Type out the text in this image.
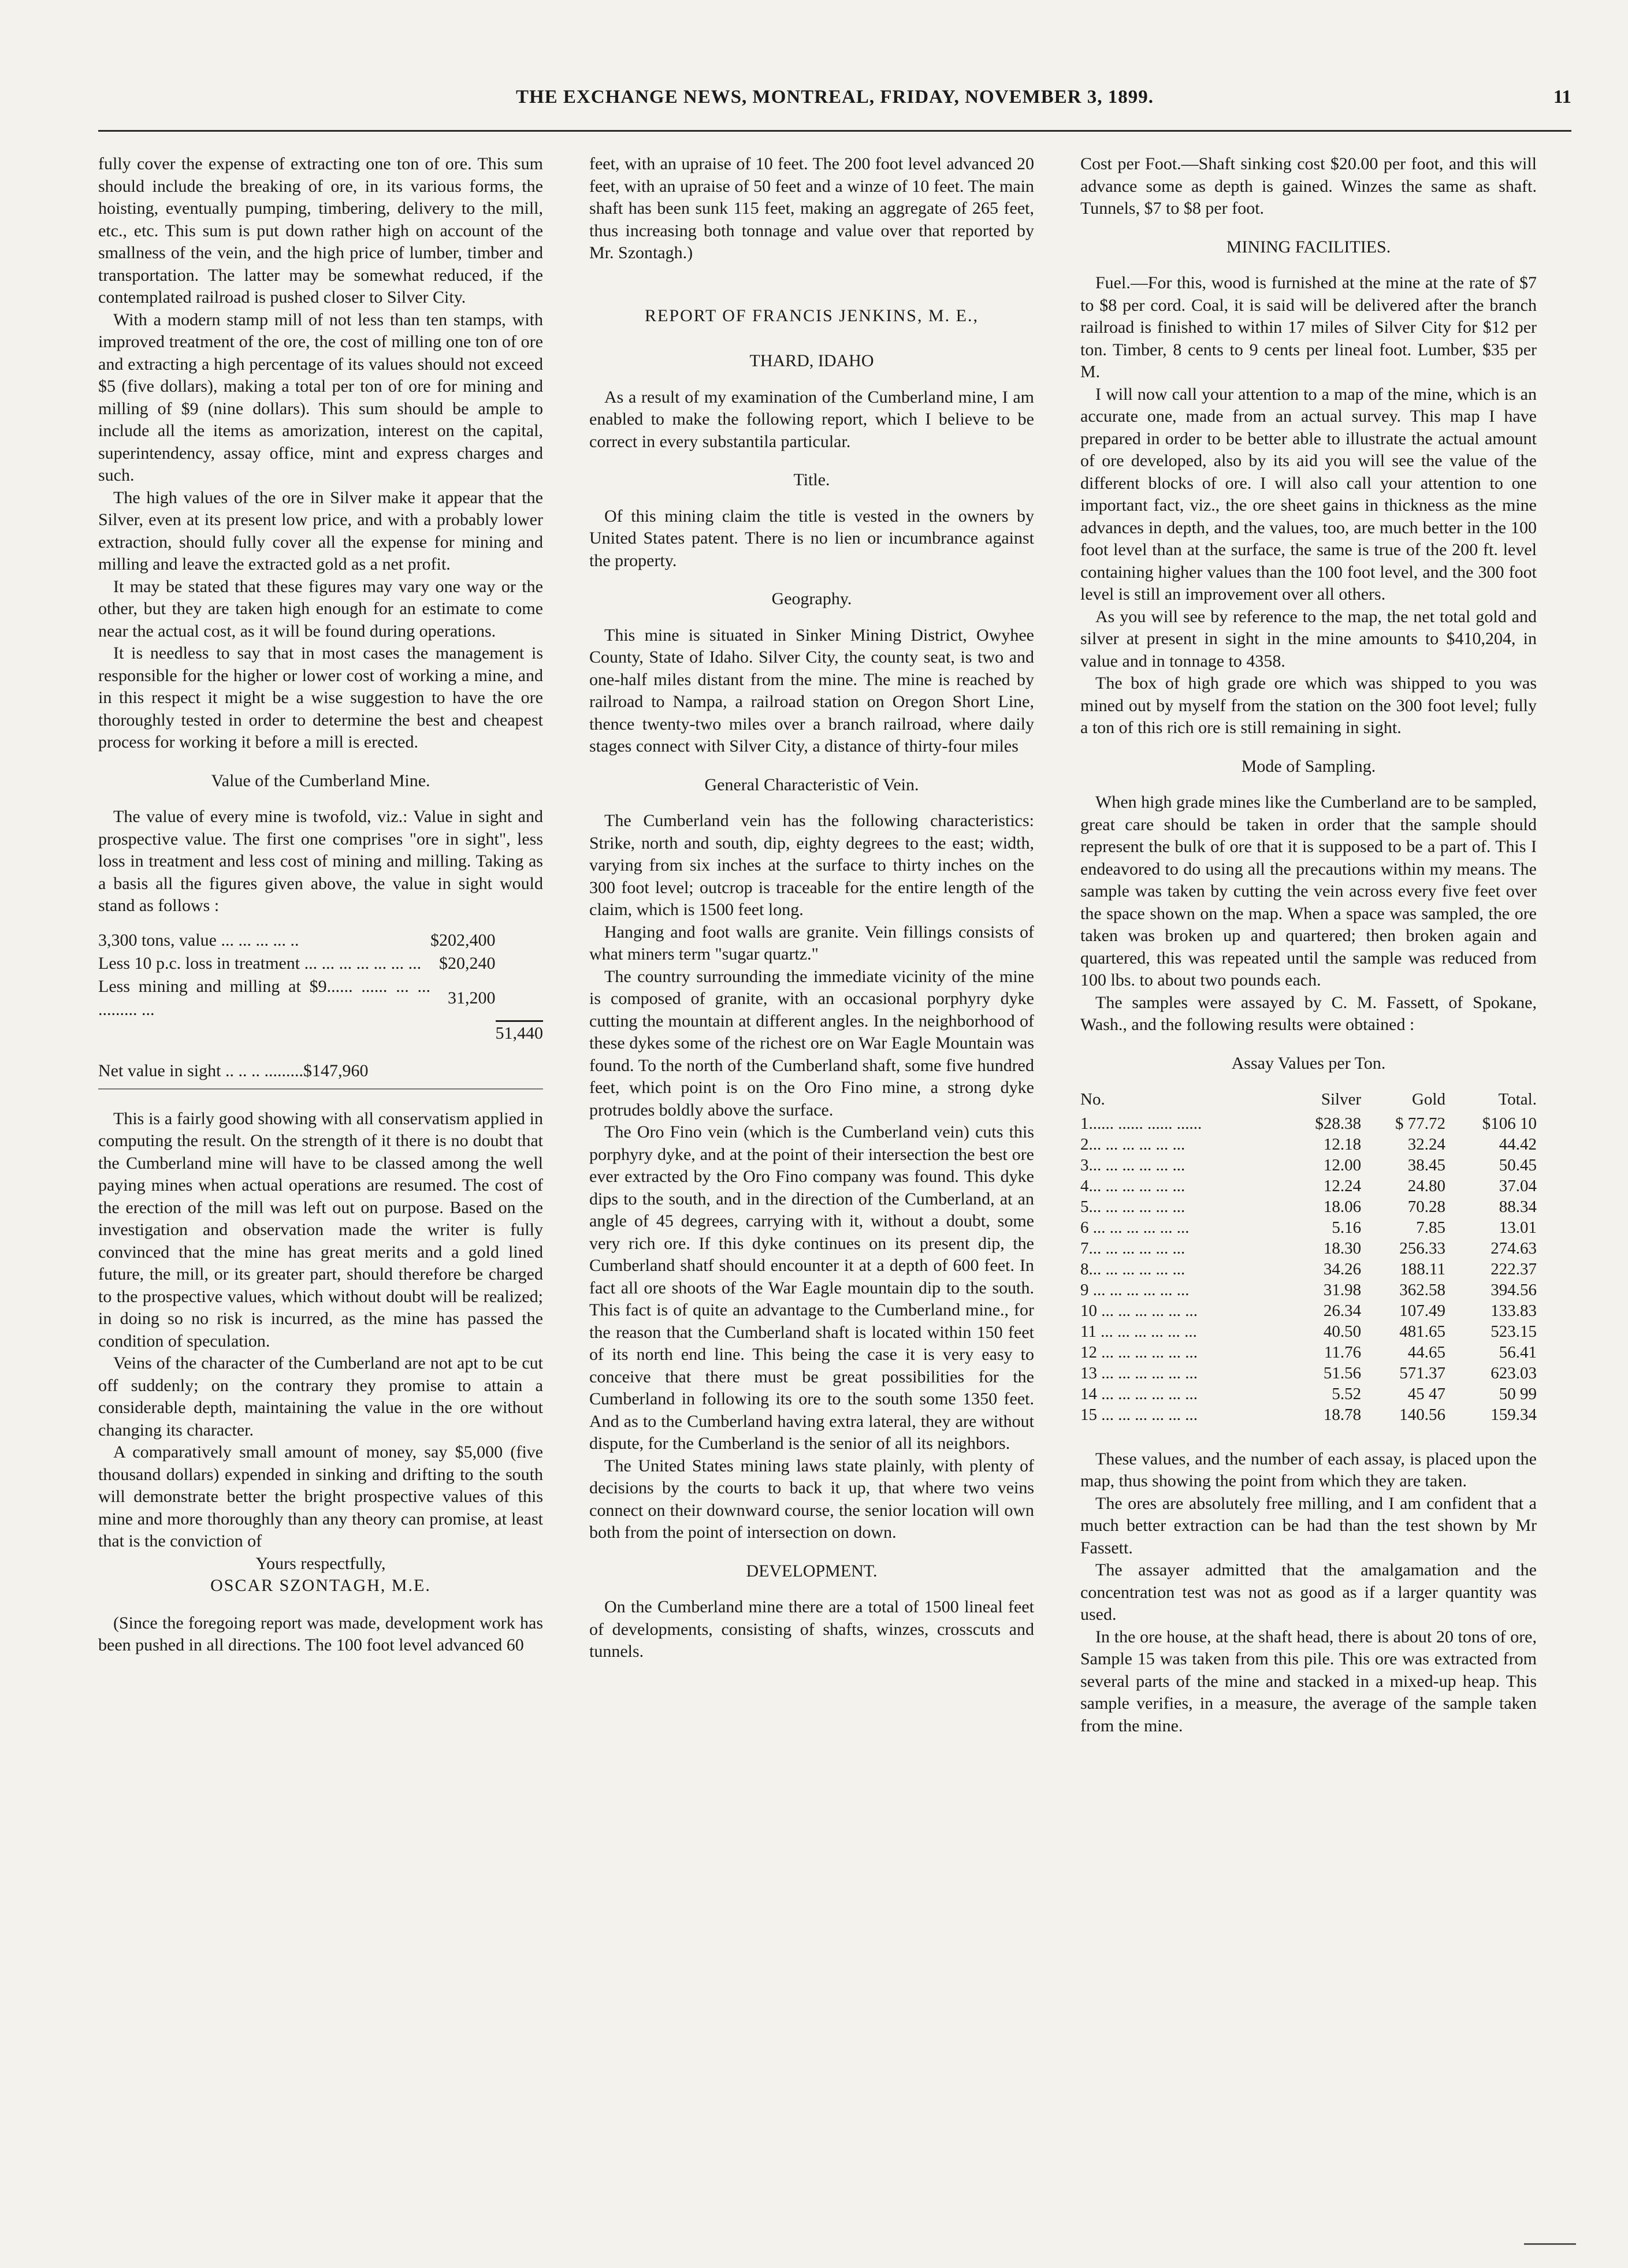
THE EXCHANGE NEWS, MONTREAL, FRIDAY, NOVEMBER 3, 1899.	11

fully cover the expense of extracting one ton of ore. This sum should include the breaking of ore, in its various forms, the hoisting, eventually pumping, timbering, delivery to the mill, etc., etc. This sum is put down rather high on account of the smallness of the vein, and the high price of lumber, timber and transportation. The latter may be somewhat reduced, if the contemplated railroad is pushed closer to Silver City.

With a modern stamp mill of not less than ten stamps, with improved treatment of the ore, the cost of milling one ton of ore and extracting a high percentage of its values should not exceed $5 (five dollars), making a total per ton of ore for mining and milling of $9 (nine dollars). This sum should be ample to include all the items as amorization, interest on the capital, superintendency, assay office, mint and express charges and such.

The high values of the ore in Silver make it appear that the Silver, even at its present low price, and with a probably lower extraction, should fully cover all the expense for mining and milling and leave the extracted gold as a net profit.

It may be stated that these figures may vary one way or the other, but they are taken high enough for an estimate to come near the actual cost, as it will be found during operations.

It is needless to say that in most cases the management is responsible for the higher or lower cost of working a mine, and in this respect it might be a wise suggestion to have the ore thoroughly tested in order to determine the best and cheapest process for working it before a mill is erected.

Value of the Cumberland Mine.

The value of every mine is twofold, viz.: Value in sight and prospective value. The first one comprises "ore in sight", less loss in treatment and less cost of mining and milling. Taking as a basis all the figures given above, the value in sight would stand as follows :

3,300 tons, value ... ... ... ... ..	$202,400	
Less 10 p.c. loss in treatment ... ... ... ... ... ... ...	$20,240	
Less mining and milling at $9...... ...... ... ... ......... ...	31,200	
		51,440

Net value in sight .. .. .. .........$147,960

This is a fairly good showing with all conservatism applied in computing the result. On the strength of it there is no doubt that the Cumberland mine will have to be classed among the well paying mines when actual operations are resumed. The cost of the erection of the mill was left out on purpose. Based on the investigation and observation made the writer is fully convinced that the mine has great merits and a gold lined future, the mill, or its greater part, should therefore be charged to the prospective values, which without doubt will be realized; in doing so no risk is incurred, as the mine has passed the condition of speculation.

Veins of the character of the Cumberland are not apt to be cut off suddenly; on the contrary they promise to attain a considerable depth, maintaining the value in the ore without changing its character.

A comparatively small amount of money, say $5,000 (five thousand dollars) expended in sinking and drifting to the south will demonstrate better the bright prospective values of this mine and more thoroughly than any theory can promise, at least that is the conviction of

Yours respectfully,

OSCAR SZONTAGH, M.E.

(Since the foregoing report was made, development work has been pushed in all directions. The 100 foot level advanced 60

feet, with an upraise of 10 feet. The 200 foot level advanced 20 feet, with an upraise of 50 feet and a winze of 10 feet. The main shaft has been sunk 115 feet, making an aggregate of 265 feet, thus increasing both tonnage and value over that reported by Mr. Szontagh.)

REPORT OF FRANCIS JENKINS, M. E.,

THARD, IDAHO

As a result of my examination of the Cumberland mine, I am enabled to make the following report, which I believe to be correct in every substantila particular.

Title.

Of this mining claim the title is vested in the owners by United States patent. There is no lien or incumbrance against the property.

Geography.

This mine is situated in Sinker Mining District, Owyhee County, State of Idaho. Silver City, the county seat, is two and one-half miles distant from the mine. The mine is reached by railroad to Nampa, a railroad station on Oregon Short Line, thence twenty-two miles over a branch railroad, where daily stages connect with Silver City, a distance of thirty-four miles

General Characteristic of Vein.

The Cumberland vein has the following characteristics: Strike, north and south, dip, eighty degrees to the east; width, varying from six inches at the surface to thirty inches on the 300 foot level; outcrop is traceable for the entire length of the claim, which is 1500 feet long.

Hanging and foot walls are granite. Vein fillings consists of what miners term "sugar quartz."

The country surrounding the immediate vicinity of the mine is composed of granite, with an occasional porphyry dyke cutting the mountain at different angles. In the neighborhood of these dykes some of the richest ore on War Eagle Mountain was found. To the north of the Cumberland shaft, some five hundred feet, which point is on the Oro Fino mine, a strong dyke protrudes boldly above the surface.

The Oro Fino vein (which is the Cumberland vein) cuts this porphyry dyke, and at the point of their intersection the best ore ever extracted by the Oro Fino company was found. This dyke dips to the south, and in the direction of the Cumberland, at an angle of 45 degrees, carrying with it, without a doubt, some very rich ore. If this dyke continues on its present dip, the Cumberland shatf should encounter it at a depth of 600 feet. In fact all ore shoots of the War Eagle mountain dip to the south. This fact is of quite an advantage to the Cumberland mine., for the reason that the Cumberland shaft is located within 150 feet of its north end line. This being the case it is very easy to conceive that there must be great possibilities for the Cumberland in following its ore to the south some 1350 feet. And as to the Cumberland having extra lateral, they are without dispute, for the Cumberland is the senior of all its neighbors.

The United States mining laws state plainly, with plenty of decisions by the courts to back it up, that where two veins connect on their downward course, the senior location will own both from the point of intersection on down.

DEVELOPMENT.

On the Cumberland mine there are a total of 1500 lineal feet of developments, consisting of shafts, winzes, crosscuts and tunnels.

Cost per Foot.—Shaft sinking cost $20.00 per foot, and this will advance some as depth is gained. Winzes the same as shaft. Tunnels, $7 to $8 per foot.

MINING FACILITIES.

Fuel.—For this, wood is furnished at the mine at the rate of $7 to $8 per cord. Coal, it is said will be delivered after the branch railroad is finished to within 17 miles of Silver City for $12 per ton. Timber, 8 cents to 9 cents per lineal foot. Lumber, $35 per M.

I will now call your attention to a map of the mine, which is an accurate one, made from an actual survey. This map I have prepared in order to be better able to illustrate the actual amount of ore developed, also by its aid you will see the value of the different blocks of ore. I will also call your attention to one important fact, viz., the ore sheet gains in thickness as the mine advances in depth, and the values, too, are much better in the 100 foot level than at the surface, the same is true of the 200 ft. level containing higher values than the 100 foot level, and the 300 foot level is still an improvement over all others.

As you will see by reference to the map, the net total gold and silver at present in sight in the mine amounts to $410,204, in value and in tonnage to 4358.

The box of high grade ore which was shipped to you was mined out by myself from the station on the 300 foot level; fully a ton of this rich ore is still remaining in sight.

Mode of Sampling.

When high grade mines like the Cumberland are to be sampled, great care should be taken in order that the sample should represent the bulk of ore that it is supposed to be a part of. This I endeavored to do using all the precautions within my means. The sample was taken by cutting the vein across every five feet over the space shown on the map. When a space was sampled, the ore taken was broken up and quartered; then broken again and quartered, this was repeated until the sample was reduced from 100 lbs. to about two pounds each.

The samples were assayed by C. M. Fassett, of Spokane, Wash., and the following results were obtained :

Assay Values per Ton.

No.	Silver	Gold	Total.
1...... ...... ...... ......	$28.38	$ 77.72	$106 10
2... ... ... ... ... ...	12.18	32.24	44.42
3... ... ... ... ... ...	12.00	38.45	50.45
4... ... ... ... ... ...	12.24	24.80	37.04
5... ... ... ... ... ...	18.06	70.28	88.34
6 ... ... ... ... ... ...	5.16	7.85	13.01
7... ... ... ... ... ...	18.30	256.33	274.63
8... ... ... ... ... ...	34.26	188.11	222.37
9 ... ... ... ... ... ...	31.98	362.58	394.56
10 ... ... ... ... ... ...	26.34	107.49	133.83
11 ... ... ... ... ... ...	40.50	481.65	523.15
12 ... ... ... ... ... ...	11.76	44.65	56.41
13 ... ... ... ... ... ...	51.56	571.37	623.03
14 ... ... ... ... ... ...	5.52	45 47	50 99
15 ... ... ... ... ... ...	18.78	140.56	159.34

These values, and the number of each assay, is placed upon the map, thus showing the point from which they are taken.

The ores are absolutely free milling, and I am confident that a much better extraction can be had than the test shown by Mr Fassett.

The assayer admitted that the amalgamation and the concentration test was not as good as if a larger quantity was used.

In the ore house, at the shaft head, there is about 20 tons of ore, Sample 15 was taken from this pile. This ore was extracted from several parts of the mine and stacked in a mixed-up heap. This sample verifies, in a measure, the average of the sample taken from the mine.
